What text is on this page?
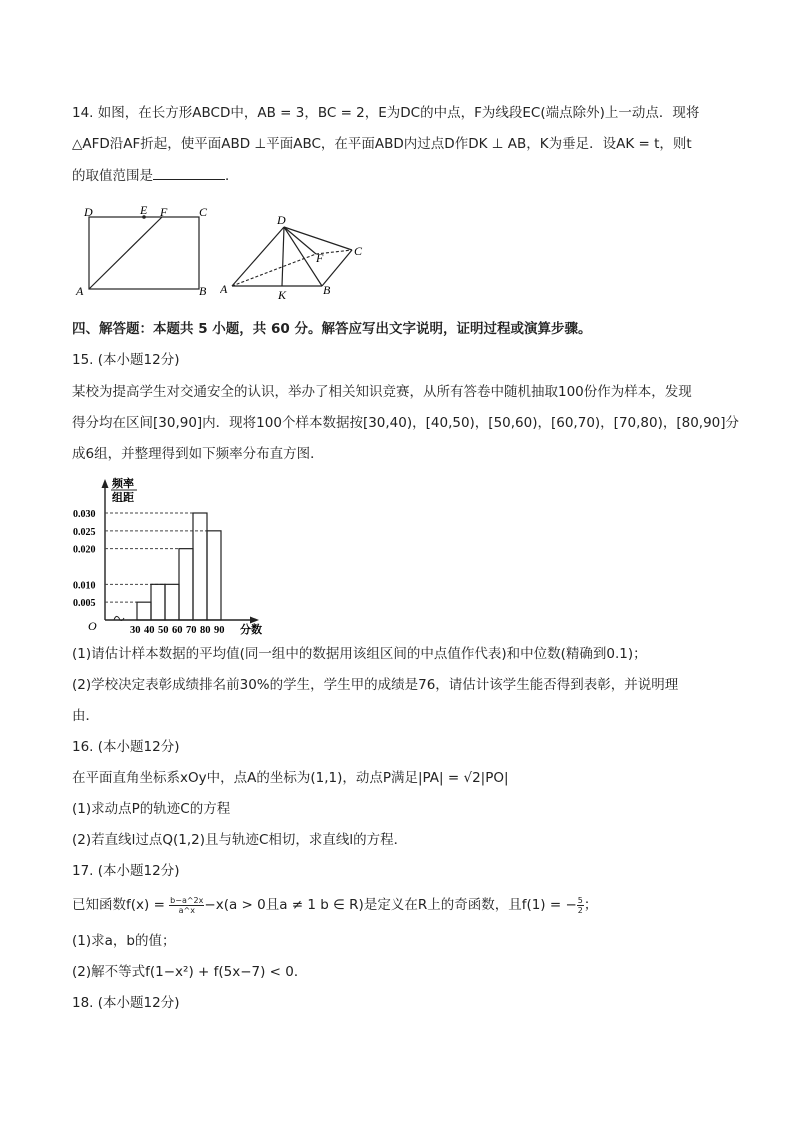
14. 如图，在长方形ABCD中，AB = 3，BC = 2，E为DC的中点，F为线段EC(端点除外)上一动点．现将
△AFD沿AF折起，使平面ABD ⊥平面ABC，在平面ABD内过点D作DK ⊥ AB，K为垂足．设AK = t，则t
的取值范围是	．
D	E F	C
A	B
D
C
F
A	K	B
四、解答题：本题共 5 小题，共 60 分。解答应写出文字说明，证明过程或演算步骤。
15. (本小题12分)
某校为提高学生对交通安全的认识，举办了相关知识竞赛，从所有答卷中随机抽取100份作为样本，发现
得分均在区间[30,90]内．现将100个样本数据按[30,40)，[40,50)，[50,60)，[60,70)，[70,80)，[80,90]分
成6组，并整理得到如下频率分布直方图．
频率
组距
分数
O
0.005
0.010
0.020
0.025
0.030
30 40 50 60 70 80 90
(1)请估计样本数据的平均值(同一组中的数据用该组区间的中点值作代表)和中位数(精确到0.1)；
(2)学校决定表彰成绩排名前30%的学生，学生甲的成绩是76，请估计该学生能否得到表彰，并说明理
由．
16. (本小题12分)
在平面直角坐标系xOy中，点A的坐标为(1,1)，动点P满足|PA| = √2|PO|
(1)求动点P的轨迹C的方程
(2)若直线l过点Q(1,2)且与轨迹C相切，求直线l的方程．
17. (本小题12分)
已知函数$f(x) = \frac{b-a\^{}2x}{a\^{}x} -x(a > 0$且a ≠ 1 b ∈ R)是定义在R上的奇函数，且f(1) = − $\frac{5}{2}$ ；
(1)求a，b的值；
(2)解不等式f(1−x²) + f(5x−7) < 0．
18. (本小题12分)
